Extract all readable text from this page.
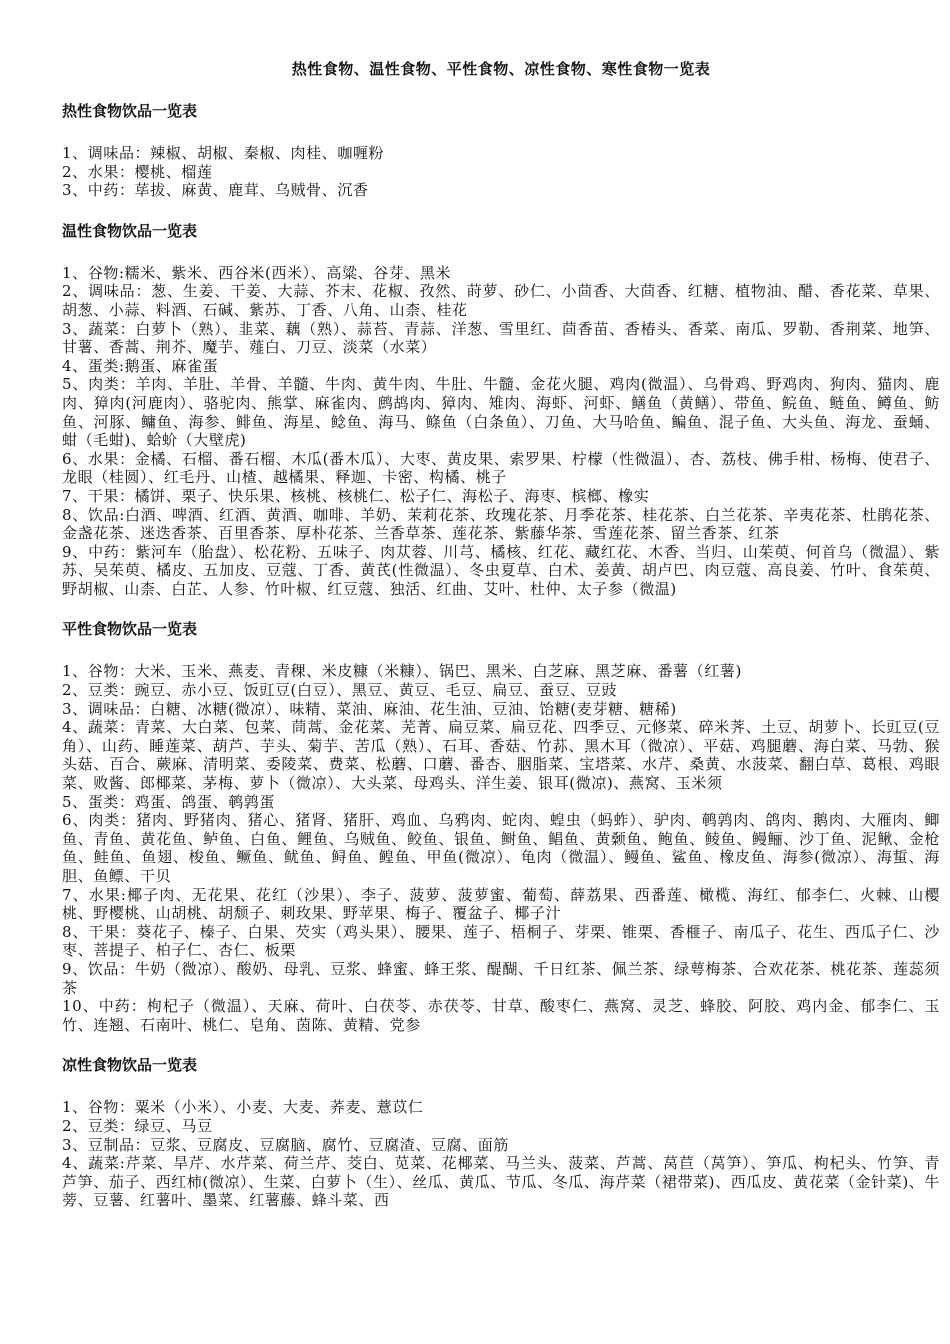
热性食物、温性食物、平性食物、凉性食物、寒性食物一览表
热性食物饮品一览表
1、调味品：辣椒、胡椒、秦椒、肉桂、咖喱粉
2、水果：樱桃、榴莲
3、中药：荜拔、麻黄、鹿茸、乌贼骨、沉香
温性食物饮品一览表
1、谷物:糯米、紫米、西谷米(西米）、高粱、谷芽、黑米
2、调味品：葱、生姜、干姜、大蒜、芥末、花椒、孜然、莳萝、砂仁、小茴香、大茴香、红糖、植物油、醋、香花菜、草果、胡葱、小蒜、料酒、石碱、紫苏、丁香、八角、山柰、桂花
3、蔬菜：白萝卜（熟）、韭菜、藕（熟）、蒜苔、青蒜、洋葱、雪里红、茴香苗、香椿头、香菜、南瓜、罗勒、香荆菜、地笋、甘薯、香蒿、荆芥、魔芋、薤白、刀豆、淡菜（水菜）
4、蛋类:鹅蛋、麻雀蛋
5、肉类：羊肉、羊肚、羊骨、羊髓、牛肉、黄牛肉、牛肚、牛髓、金花火腿、鸡肉(微温）、乌骨鸡、野鸡肉、狗肉、猫肉、鹿肉、獐肉(河鹿肉）、骆驼肉、熊掌、麻雀肉、鹧鸪肉、獐肉、雉肉、海虾、河虾、鳝鱼（黄鳝）、带鱼、鲩鱼、鲢鱼、鳟鱼、鲂鱼、河豚、鳙鱼、海参、鲱鱼、海星、鲶鱼、海马、鲦鱼（白条鱼）、刀鱼、大马哈鱼、鳊鱼、混子鱼、大头鱼、海龙、蚕蛹、蚶（毛蚶)、蛤蚧（大壁虎)
6、水果：金橘、石榴、番石榴、木瓜(番木瓜）、大枣、黄皮果、索罗果、柠檬（性微温）、杏、荔枝、佛手柑、杨梅、使君子、龙眼（桂圆）、红毛丹、山楂、越橘果、释迦、卡密、构橘、桃子
7、干果：橘饼、栗子、快乐果、核桃、核桃仁、松子仁、海松子、海枣、槟榔、橡实
8、饮品:白酒、啤酒、红酒、黄酒、咖啡、羊奶、茉莉花茶、玫瑰花茶、月季花茶、桂花茶、白兰花茶、辛夷花茶、杜鹃花茶、金盏花茶、迷迭香茶、百里香茶、厚朴花茶、兰香草茶、莲花茶、紫藤华茶、雪莲花茶、留兰香茶、红茶
9、中药：紫河车（胎盘）、松花粉、五味子、肉苁蓉、川芎、橘核、红花、藏红花、木香、当归、山茱萸、何首乌（微温）、紫苏、吴茱萸、橘皮、五加皮、豆蔻、丁香、黄芪(性微温）、冬虫夏草、白术、姜黄、胡卢巴、肉豆蔻、高良姜、竹叶、食茱萸、野胡椒、山柰、白芷、人参、竹叶椒、红豆蔻、独活、红曲、艾叶、杜仲、太子参（微温)
平性食物饮品一览表
1、谷物：大米、玉米、燕麦、青稞、米皮糠（米糠）、锅巴、黑米、白芝麻、黑芝麻、番薯（红薯)
2、豆类：豌豆、赤小豆、饭豇豆(白豆）、黑豆、黄豆、毛豆、扁豆、蚕豆、豆豉
3、调味品：白糖、冰糖(微凉）、味精、菜油、麻油、花生油、豆油、饴糖(麦芽糖、糖稀)
4、蔬菜：青菜、大白菜、包菜、茼蒿、金花菜、芜菁、扁豆菜、扁豆花、四季豆、元修菜、碎米荠、土豆、胡萝卜、长豇豆(豆角）、山药、睡莲菜、葫芦、芋头、菊芋、苦瓜（熟）、石耳、香菇、竹荪、黑木耳（微凉）、平菇、鸡腿蘑、海白菜、马勃、猴头菇、百合、蕨麻、清明菜、委陵菜、费菜、松蘑、口蘑、番杏、胭脂菜、宝塔菜、水芹、桑黄、水菠菜、翻白草、葛根、鸡眼菜、败酱、郎椰菜、茅梅、萝卜（微凉）、大头菜、母鸡头、洋生姜、银耳(微凉)、燕窝、玉米须
5、蛋类：鸡蛋、鸽蛋、鹌鹑蛋
6、肉类：猪肉、野猪肉、猪心、猪肾、猪肝、鸡血、乌鸦肉、蛇肉、蝗虫（蚂蚱）、驴肉、鹌鹑肉、鸽肉、鹅肉、大雁肉、鲫鱼、青鱼、黄花鱼、鲈鱼、白鱼、鲤鱼、乌贼鱼、鲛鱼、银鱼、鲥鱼、鲳鱼、黄颡鱼、鲍鱼、鲮鱼、鳗鲡、沙丁鱼、泥鳅、金枪鱼、鲑鱼、鱼翅、梭鱼、鳜鱼、鱿鱼、鲟鱼、鳇鱼、甲鱼(微凉）、龟肉（微温）、鳗鱼、鲨鱼、橡皮鱼、海参(微凉）、海蜇、海胆、鱼鳔、干贝
7、水果:椰子肉、无花果、花红（沙果）、李子、菠萝、菠萝蜜、葡萄、薛荔果、西番莲、橄榄、海红、郁李仁、火棘、山樱桃、野樱桃、山胡桃、胡颓子、刺玫果、野苹果、梅子、覆盆子、椰子汁
8、干果：葵花子、榛子、白果、芡实（鸡头果）、腰果、莲子、梧桐子、芽栗、锥栗、香榧子、南瓜子、花生、西瓜子仁、沙枣、菩提子、柏子仁、杏仁、板栗
9、饮品：牛奶（微凉）、酸奶、母乳、豆浆、蜂蜜、蜂王浆、醍醐、千日红茶、佩兰茶、绿萼梅茶、合欢花茶、桃花茶、莲蕊须茶
10、中药：枸杞子（微温）、天麻、荷叶、白茯苓、赤茯苓、甘草、酸枣仁、燕窝、灵芝、蜂胶、阿胶、鸡内金、郁李仁、玉竹、连翘、石南叶、桃仁、皂角、茵陈、黄精、党参
凉性食物饮品一览表
1、谷物：粟米（小米）、小麦、大麦、荞麦、薏苡仁
2、豆类：绿豆、马豆
3、豆制品：豆浆、豆腐皮、豆腐脑、腐竹、豆腐渣、豆腐、面筋
4、蔬菜:芹菜、旱芹、水芹菜、荷兰芹、茭白、苋菜、花椰菜、马兰头、菠菜、芦蒿、莴苣（莴笋）、笋瓜、枸杞头、竹笋、青芦笋、茄子、西红柿(微凉）、生菜、白萝卜（生）、丝瓜、黄瓜、节瓜、冬瓜、海芹菜（裙带菜)、西瓜皮、黄花菜（金针菜)、牛蒡、豆薯、红薯叶、墨菜、红薯藤、蜂斗菜、西
